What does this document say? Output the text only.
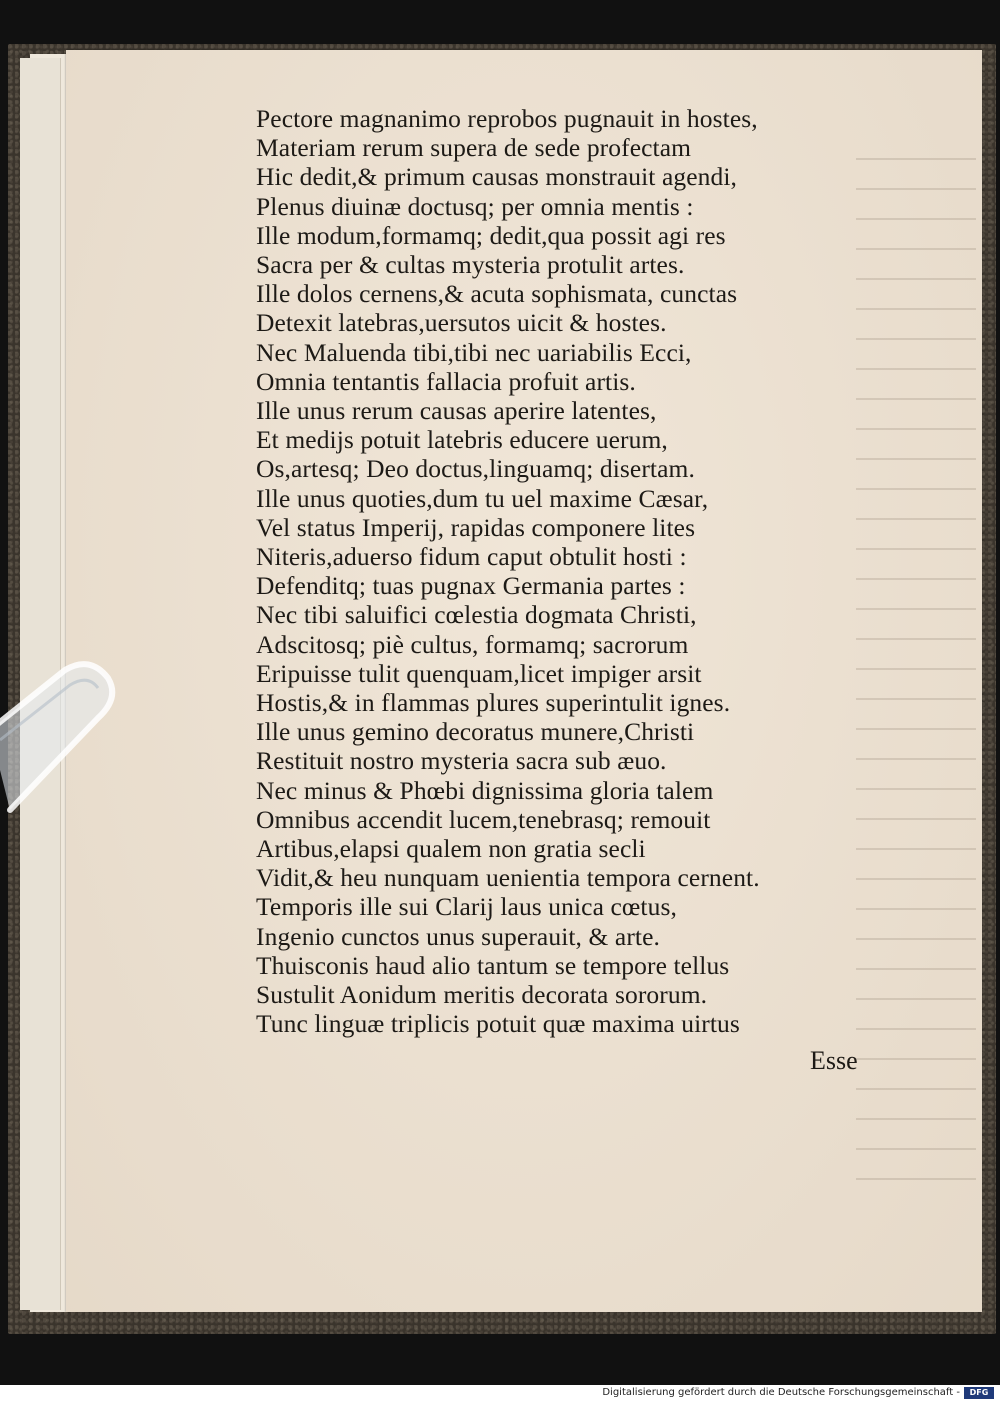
Pectore magnanimo reprobos pugnauit in hostes,
Materiam rerum supera de sede profectam
Hic dedit,& primum causas monstrauit agendi,
Plenus diuinæ doctusq; per omnia mentis :
Ille modum,formamq; dedit,qua possit agi res
Sacra per & cultas mysteria protulit artes.
Ille dolos cernens,& acuta sophismata, cunctas
Detexit latebras,uersutos uicit & hostes.
Nec Maluenda tibi,tibi nec uariabilis Ecci,
Omnia tentantis fallacia profuit artis.
Ille unus rerum causas aperire latentes,
Et medijs potuit latebris educere uerum,
Os,artesq; Deo doctus,linguamq; disertam.
Ille unus quoties,dum tu uel maxime Cæsar,
Vel status Imperij, rapidas componere lites
Niteris,aduerso fidum caput obtulit hosti :
Defenditq; tuas pugnax Germania partes :
Nec tibi saluifici cœlestia dogmata Christi,
Adscitosq; piè cultus, formamq; sacrorum
Eripuisse tulit quenquam,licet impiger arsit
Hostis,& in flammas plures superintulit ignes.
Ille unus gemino decoratus munere,Christi
Restituit nostro mysteria sacra sub æuo.
Nec minus & Phœbi dignissima gloria talem
Omnibus accendit lucem,tenebrasq; remouit
Artibus,elapsi qualem non gratia secli
Vidit,& heu nunquam uenientia tempora cernent.
Temporis ille sui Clarij laus unica cœtus,
Ingenio cunctos unus superauit, & arte.
Thuisconis haud alio tantum se tempore tellus
Sustulit Aonidum meritis decorata sororum.
Tunc linguæ triplicis potuit quæ maxima uirtus
Esse
Digitalisierung gefördert durch die Deutsche Forschungsgemeinschaft -	DFG
